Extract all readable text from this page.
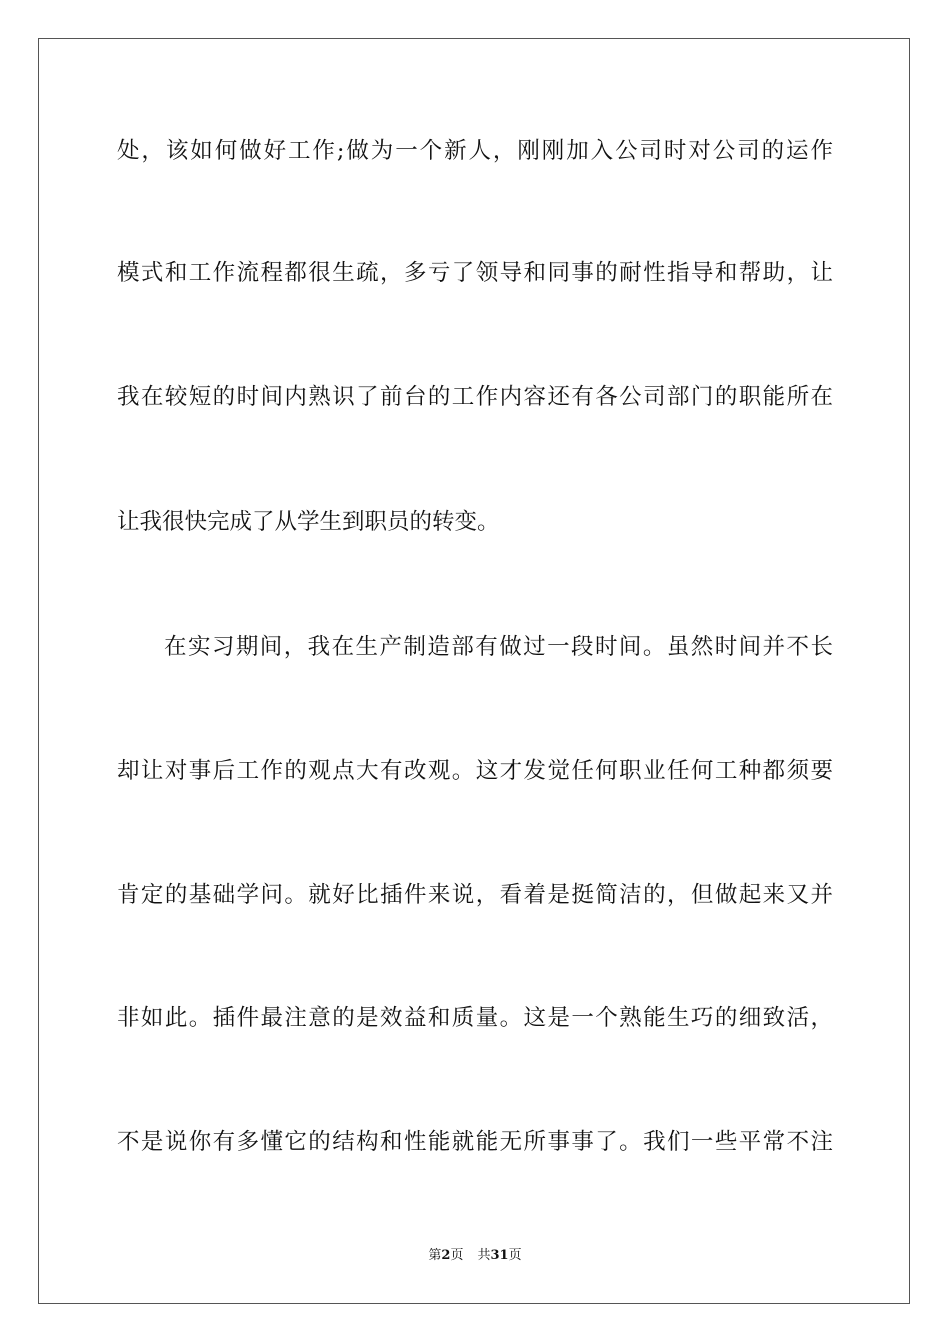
处，该如何做好工作;做为一个新人，刚刚加入公司时对公司的运作
模式和工作流程都很生疏，多亏了领导和同事的耐性指导和帮助，让
我在较短的时间内熟识了前台的工作内容还有各公司部门的职能所在
让我很快完成了从学生到职员的转变。
在实习期间，我在生产制造部有做过一段时间。虽然时间并不长
却让对事后工作的观点大有改观。这才发觉任何职业任何工种都须要
肯定的基础学问。就好比插件来说，看着是挺简洁的，但做起来又并
非如此。插件最注意的是效益和质量。这是一个熟能生巧的细致活，
不是说你有多懂它的结构和性能就能无所事事了。我们一些平常不注
第2页 共31页
